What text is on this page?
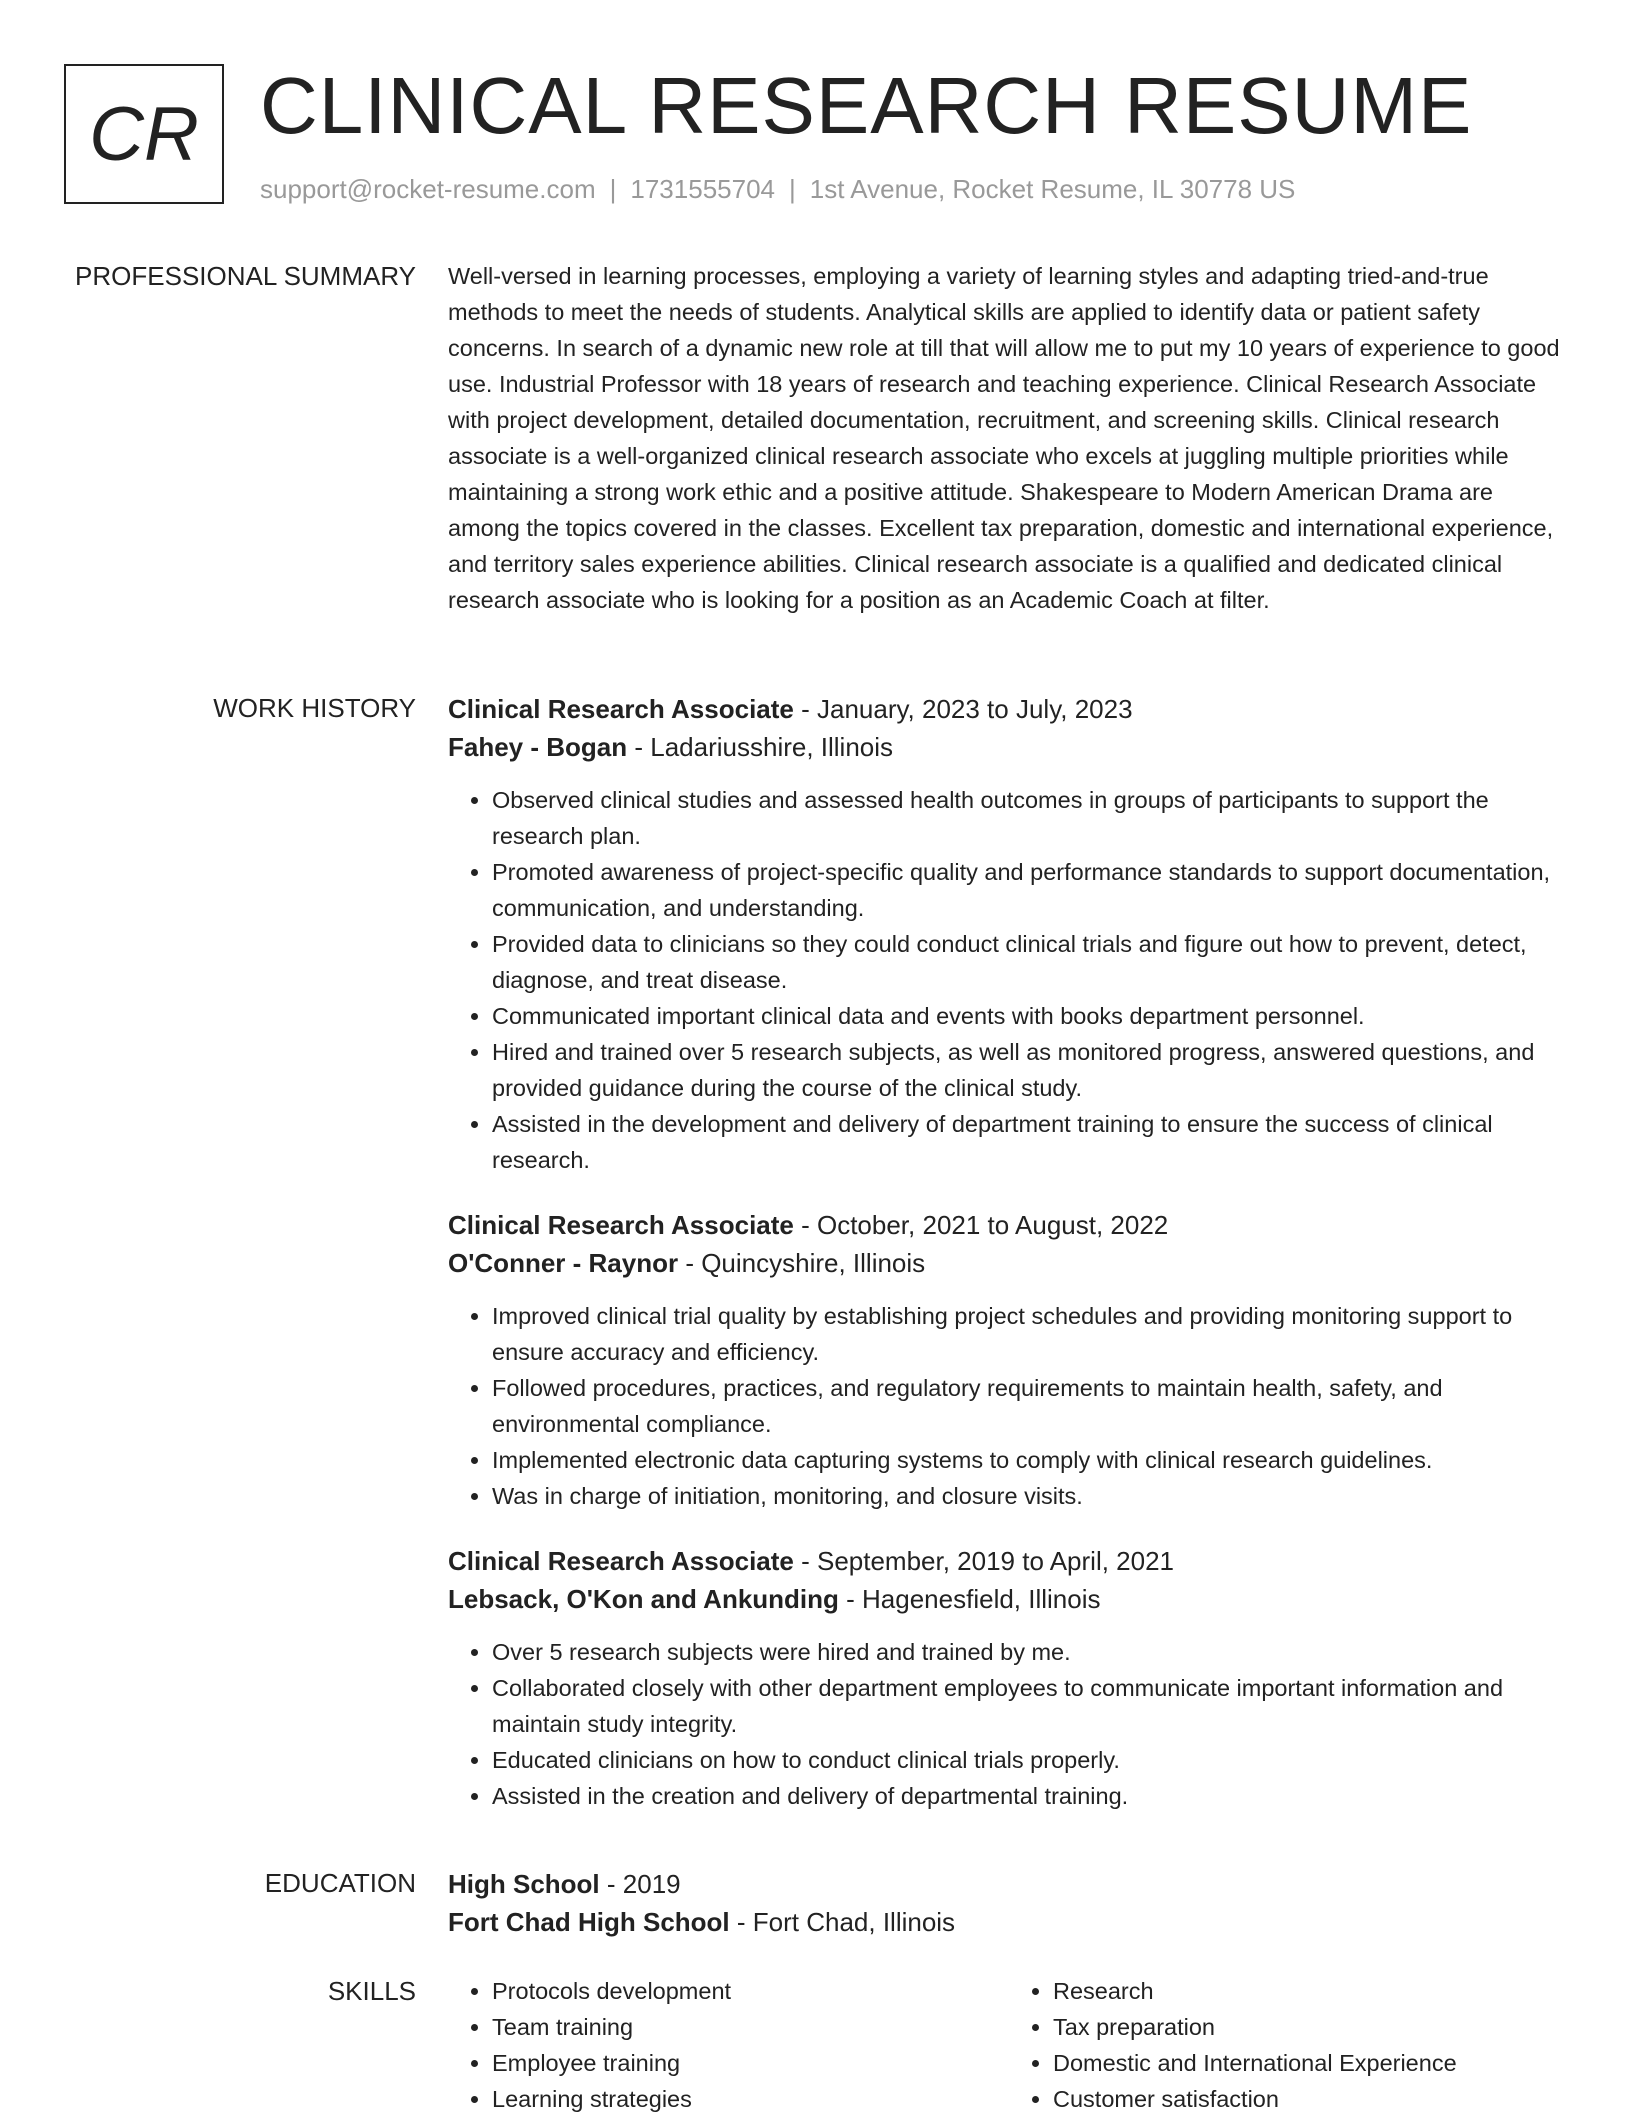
CR CLINICAL RESEARCH RESUME
support@rocket-resume.com | 1731555704 | 1st Avenue, Rocket Resume, IL 30778 US
PROFESSIONAL SUMMARY Well-versed in learning processes, employing a variety of learning styles and adapting tried-and-true methods to meet the needs of students. Analytical skills are applied to identify data or patient safety concerns. In search of a dynamic new role at till that will allow me to put my 10 years of experience to good use. Industrial Professor with 18 years of research and teaching experience. Clinical Research Associate with project development, detailed documentation, recruitment, and screening skills. Clinical research associate is a well-organized clinical research associate who excels at juggling multiple priorities while maintaining a strong work ethic and a positive attitude. Shakespeare to Modern American Drama are among the topics covered in the classes. Excellent tax preparation, domestic and international experience, and territory sales experience abilities. Clinical research associate is a qualified and dedicated clinical research associate who is looking for a position as an Academic Coach at filter.

WORK HISTORY Clinical Research Associate - January, 2023 to July, 2023
Fahey - Bogan - Ladariusshire, Illinois
• Observed clinical studies and assessed health outcomes in groups of participants to support the research plan.
• Promoted awareness of project-specific quality and performance standards to support documentation, communication, and understanding.
• Provided data to clinicians so they could conduct clinical trials and figure out how to prevent, detect, diagnose, and treat disease.
• Communicated important clinical data and events with books department personnel.
• Hired and trained over 5 research subjects, as well as monitored progress, answered questions, and provided guidance during the course of the clinical study.
• Assisted in the development and delivery of department training to ensure the success of clinical research.
Clinical Research Associate - October, 2021 to August, 2022
O'Conner - Raynor - Quincyshire, Illinois
• Improved clinical trial quality by establishing project schedules and providing monitoring support to ensure accuracy and efficiency.
• Followed procedures, practices, and regulatory requirements to maintain health, safety, and environmental compliance.
• Implemented electronic data capturing systems to comply with clinical research guidelines.
• Was in charge of initiation, monitoring, and closure visits.
Clinical Research Associate - September, 2019 to April, 2021
Lebsack, O'Kon and Ankunding - Hagenesfield, Illinois
• Over 5 research subjects were hired and trained by me.
• Collaborated closely with other department employees to communicate important information and maintain study integrity.
• Educated clinicians on how to conduct clinical trials properly.
• Assisted in the creation and delivery of departmental training.
EDUCATION High School - 2019
Fort Chad High School - Fort Chad, Illinois
SKILLS
•	Protocols development
• Team training
• Employee training
• Learning strategies
• Research
• Tax preparation
• Domestic and International Experience
• Customer satisfaction
